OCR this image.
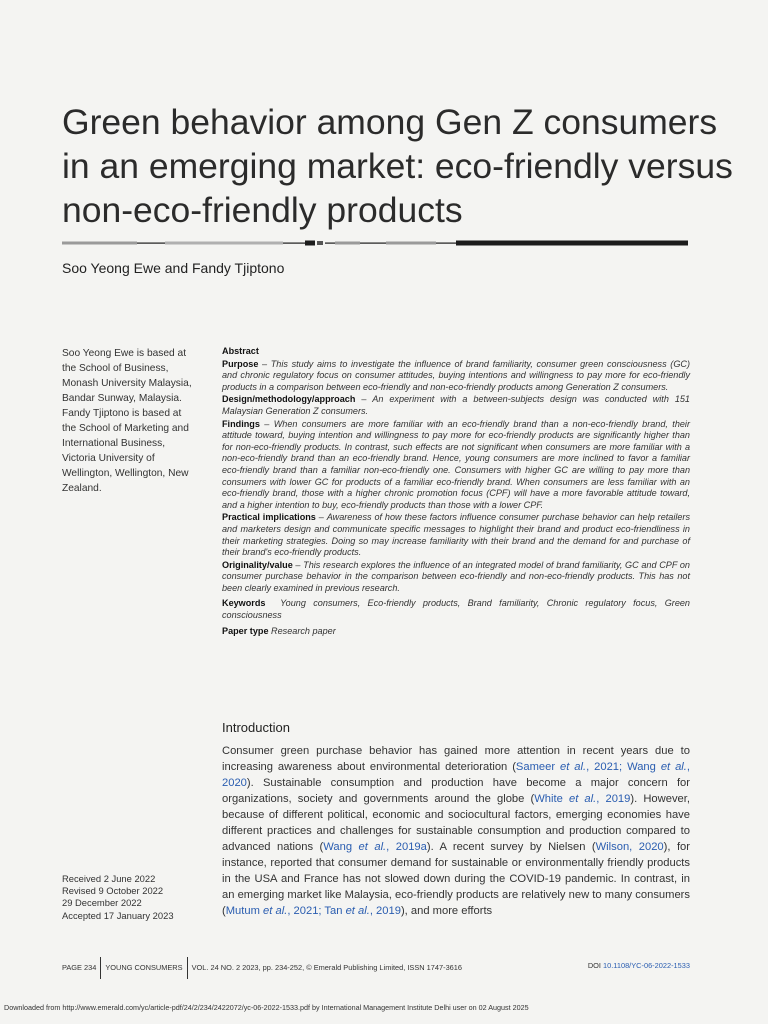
Green behavior among Gen Z consumers
in an emerging market: eco-friendly versus
non-eco-friendly products
Soo Yeong Ewe and Fandy Tjiptono
Soo Yeong Ewe is based at the School of Business, Monash University Malaysia, Bandar Sunway, Malaysia. Fandy Tjiptono is based at the School of Marketing and International Business, Victoria University of Wellington, Wellington, New Zealand.
Received 2 June 2022
Revised 9 October 2022
29 December 2022
Accepted 17 January 2023
Abstract

Purpose – This study aims to investigate the influence of brand familiarity, consumer green consciousness (GC) and chronic regulatory focus on consumer attitudes, buying intentions and willingness to pay more for eco-friendly products in a comparison between eco-friendly and non-eco-friendly products among Generation Z consumers.

Design/methodology/approach – An experiment with a between-subjects design was conducted with 151 Malaysian Generation Z consumers.

Findings – When consumers are more familiar with an eco-friendly brand than a non-eco-friendly brand, their attitude toward, buying intention and willingness to pay more for eco-friendly products are significantly higher than for non-eco-friendly products. In contrast, such effects are not significant when consumers are more familiar with a non-eco-friendly brand than an eco-friendly brand. Hence, young consumers are more inclined to favor a familiar eco-friendly brand than a familiar non-eco-friendly one. Consumers with higher GC are willing to pay more than consumers with lower GC for products of a familiar eco-friendly brand. When consumers are less familiar with an eco-friendly brand, those with a higher chronic promotion focus (CPF) will have a more favorable attitude toward, and a higher intention to buy, eco-friendly products than those with a lower CPF.

Practical implications – Awareness of how these factors influence consumer purchase behavior can help retailers and marketers design and communicate specific messages to highlight their brand and product eco-friendliness in their marketing strategies. Doing so may increase familiarity with their brand and the demand for and purchase of their brand's eco-friendly products.

Originality/value – This research explores the influence of an integrated model of brand familiarity, GC and CPF on consumer purchase behavior in the comparison between eco-friendly and non-eco-friendly products. This has not been clearly examined in previous research.

Keywords Young consumers, Eco-friendly products, Brand familiarity, Chronic regulatory focus, Green consciousness

Paper type Research paper

Introduction

Consumer green purchase behavior has gained more attention in recent years due to increasing awareness about environmental deterioration (Sameer et al., 2021; Wang et al., 2020). Sustainable consumption and production have become a major concern for organizations, society and governments around the globe (White et al., 2019). However, because of different political, economic and sociocultural factors, emerging economies have different practices and challenges for sustainable consumption and production compared to advanced nations (Wang et al., 2019a). A recent survey by Nielsen (Wilson, 2020), for instance, reported that consumer demand for sustainable or environmentally friendly products in the USA and France has not slowed down during the COVID-19 pandemic. In contrast, in an emerging market like Malaysia, eco-friendly products are relatively new to many consumers (Mutum et al., 2021; Tan et al., 2019), and more efforts

PAGE 234 YOUNG CONSUMERS VOL. 24 NO. 2 2023, pp. 234-252, © Emerald Publishing Limited, ISSN 1747-3616	DOI 10.1108/YC-06-2022-1533
Downloaded from http://www.emerald.com/yc/article-pdf/24/2/234/2422072/yc-06-2022-1533.pdf by International Management Institute Delhi user on 02 August 2025
